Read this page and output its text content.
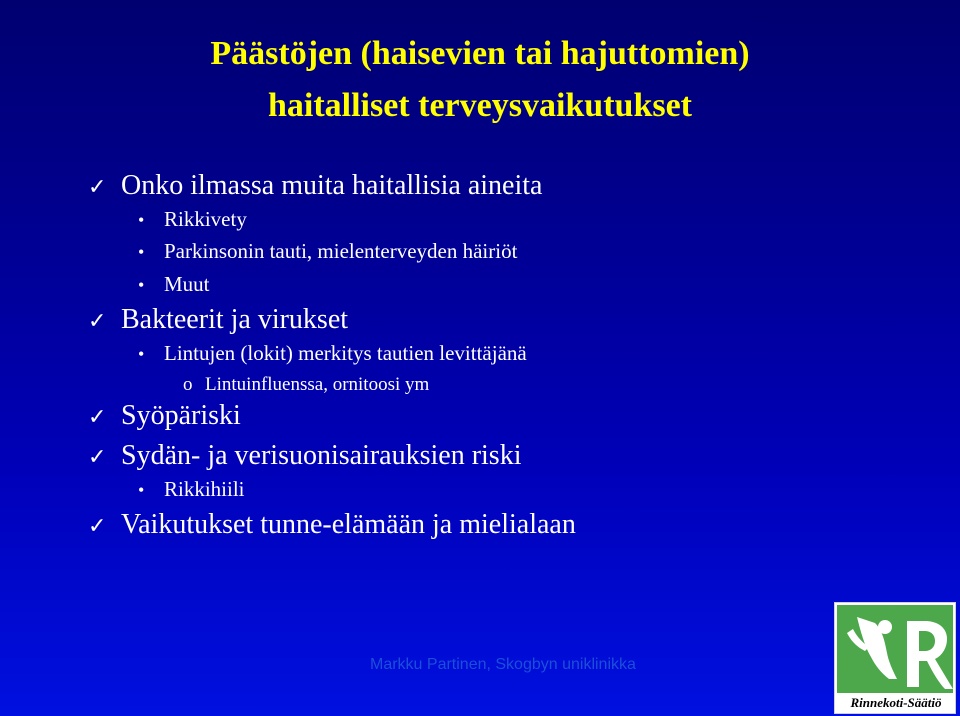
Päästöjen (haisevien tai hajuttomien)
haitalliset terveysvaikutukset
✓ Onko ilmassa muita haitallisia aineita
• Rikkivety
• Parkinsonin tauti, mielenterveyden häiriöt
• Muut
✓ Bakteerit ja virukset
• Lintujen (lokit) merkitys tautien levittäjänä
o Lintuinfluenssa, ornitoosi ym
✓ Syöpäriski
✓ Sydän- ja verisuonisairauksien riski
• Rikkihiili
✓ Vaikutukset tunne-elämään ja mielialaan
Markku Partinen, Skogbyn uniklinikka
Rinnekoti-Säätiö
